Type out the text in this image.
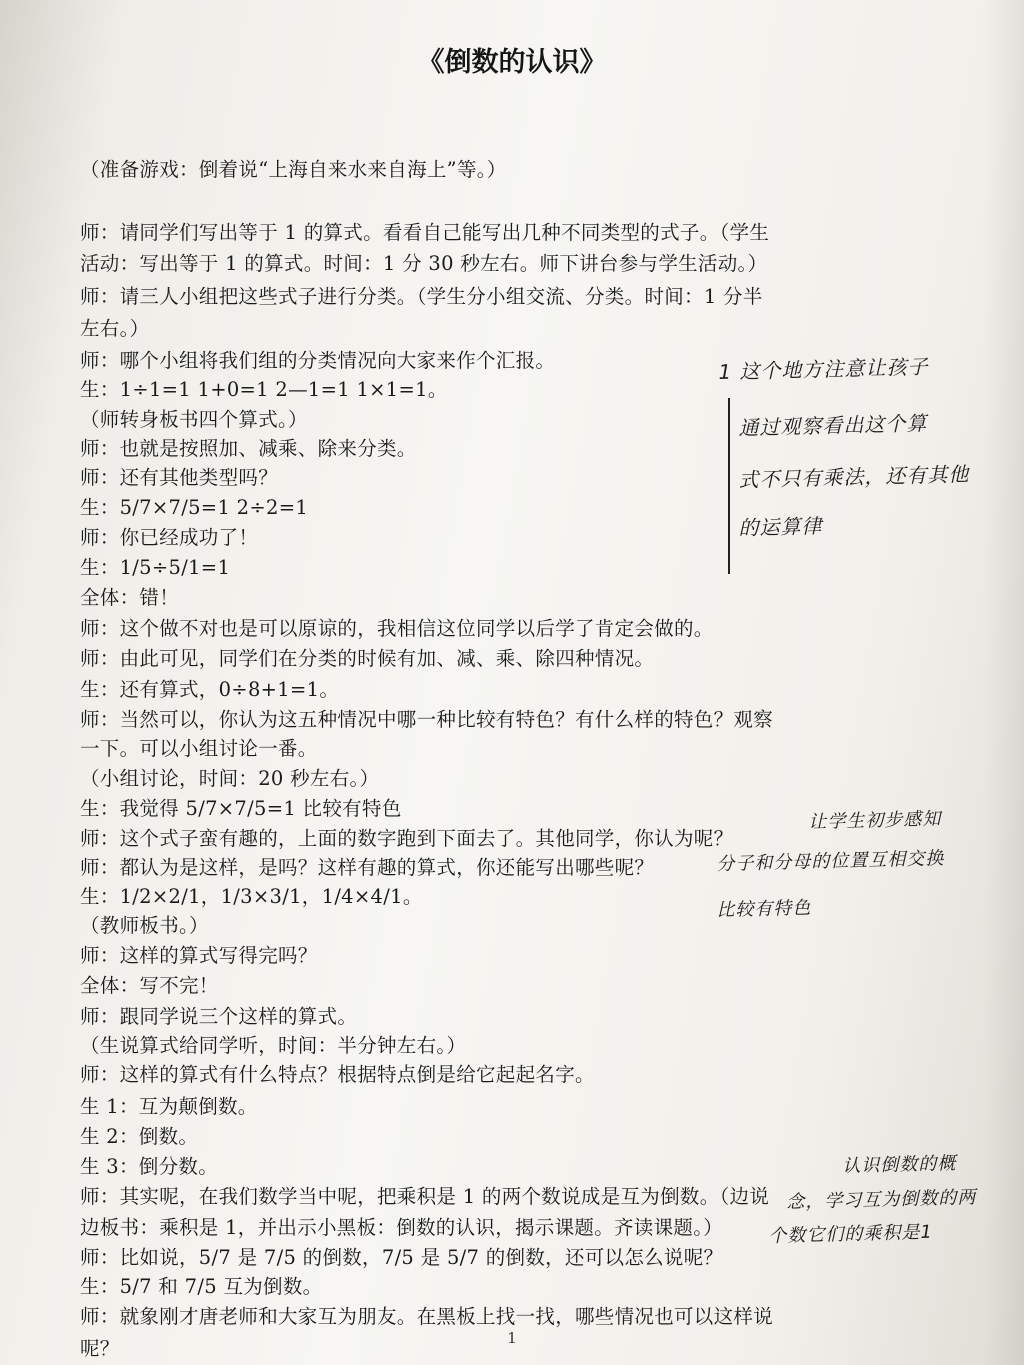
《倒数的认识》
（准备游戏：倒着说“上海自来水来自海上”等。）
师：请同学们写出等于 1 的算式。看看自己能写出几种不同类型的式子。（学生
活动：写出等于 1 的算式。时间：1 分 30 秒左右。师下讲台参与学生活动。）
师：请三人小组把这些式子进行分类。（学生分小组交流、分类。时间：1 分半
左右。）
师：哪个小组将我们组的分类情况向大家来作个汇报。
生：1÷1=1 1+0=1 2—1=1 1×1=1。
（师转身板书四个算式。）
师：也就是按照加、减乘、除来分类。
师：还有其他类型吗？
生：5/7×7/5=1 2÷2=1
师：你已经成功了！
生：1/5÷5/1=1
全体：错！
师：这个做不对也是可以原谅的，我相信这位同学以后学了肯定会做的。
师：由此可见，同学们在分类的时候有加、减、乘、除四种情况。
生：还有算式，0÷8+1=1。
师：当然可以，你认为这五种情况中哪一种比较有特色？有什么样的特色？观察
一下。可以小组讨论一番。
（小组讨论，时间：20 秒左右。）
生：我觉得 5/7×7/5=1 比较有特色
师：这个式子蛮有趣的，上面的数字跑到下面去了。其他同学，你认为呢？
师：都认为是这样，是吗？这样有趣的算式，你还能写出哪些呢？
生：1/2×2/1，1/3×3/1，1/4×4/1。
（教师板书。）
师：这样的算式写得完吗？
全体：写不完！
师：跟同学说三个这样的算式。
（生说算式给同学听，时间：半分钟左右。）
师：这样的算式有什么特点？根据特点倒是给它起起名字。
生 1：互为颠倒数。
生 2：倒数。
生 3：倒分数。
师：其实呢，在我们数学当中呢，把乘积是 1 的两个数说成是互为倒数。（边说
边板书：乘积是 1，并出示小黑板：倒数的认识，揭示课题。齐读课题。）
师：比如说，5/7 是 7/5 的倒数，7/5 是 5/7 的倒数，还可以怎么说呢？
生：5/7 和 7/5 互为倒数。
师：就象刚才唐老师和大家互为朋友。在黑板上找一找，哪些情况也可以这样说
呢？
1 这个地方注意让孩子
通过观察看出这个算
式不只有乘法，还有其他
的运算律
让学生初步感知
分子和分母的位置互相交换
比较有特色
认识倒数的概
念，学习互为倒数的两
个数它们的乘积是1
1
